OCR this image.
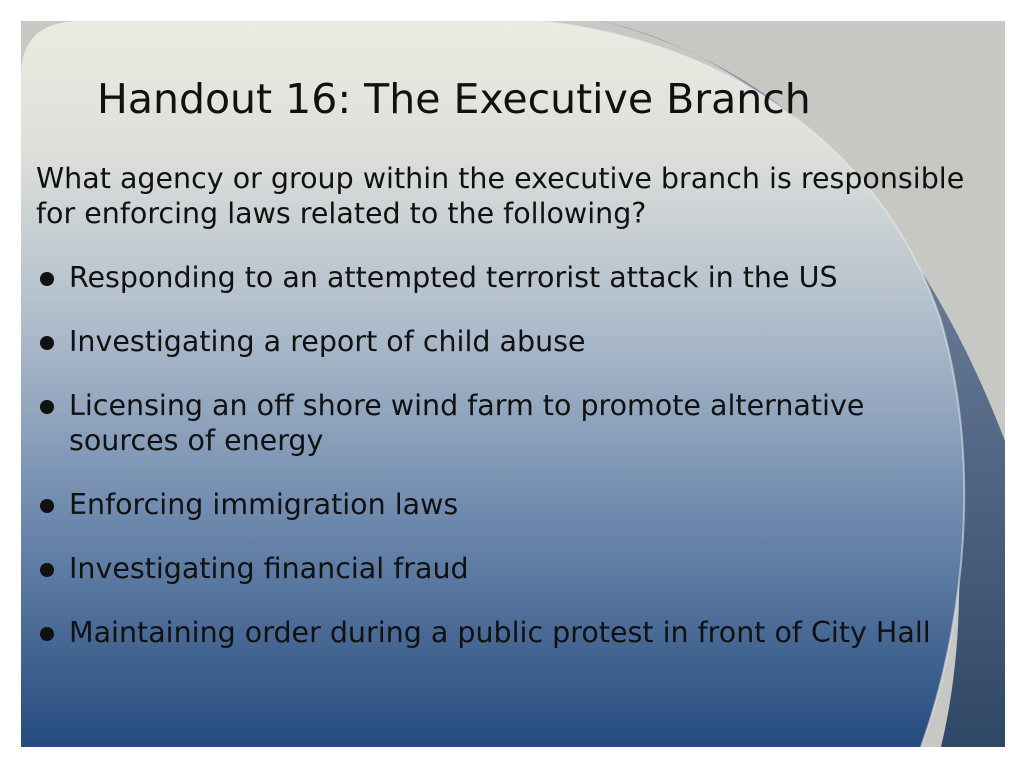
Handout 16: The Executive Branch

What agency or group within the executive branch is responsible for enforcing laws related to the following?

Responding to an attempted terrorist attack in the US
Investigating a report of child abuse
Licensing an off shore wind farm to promote alternative sources of energy
Enforcing immigration laws
Investigating financial fraud
Maintaining order during a public protest in front of City Hall
